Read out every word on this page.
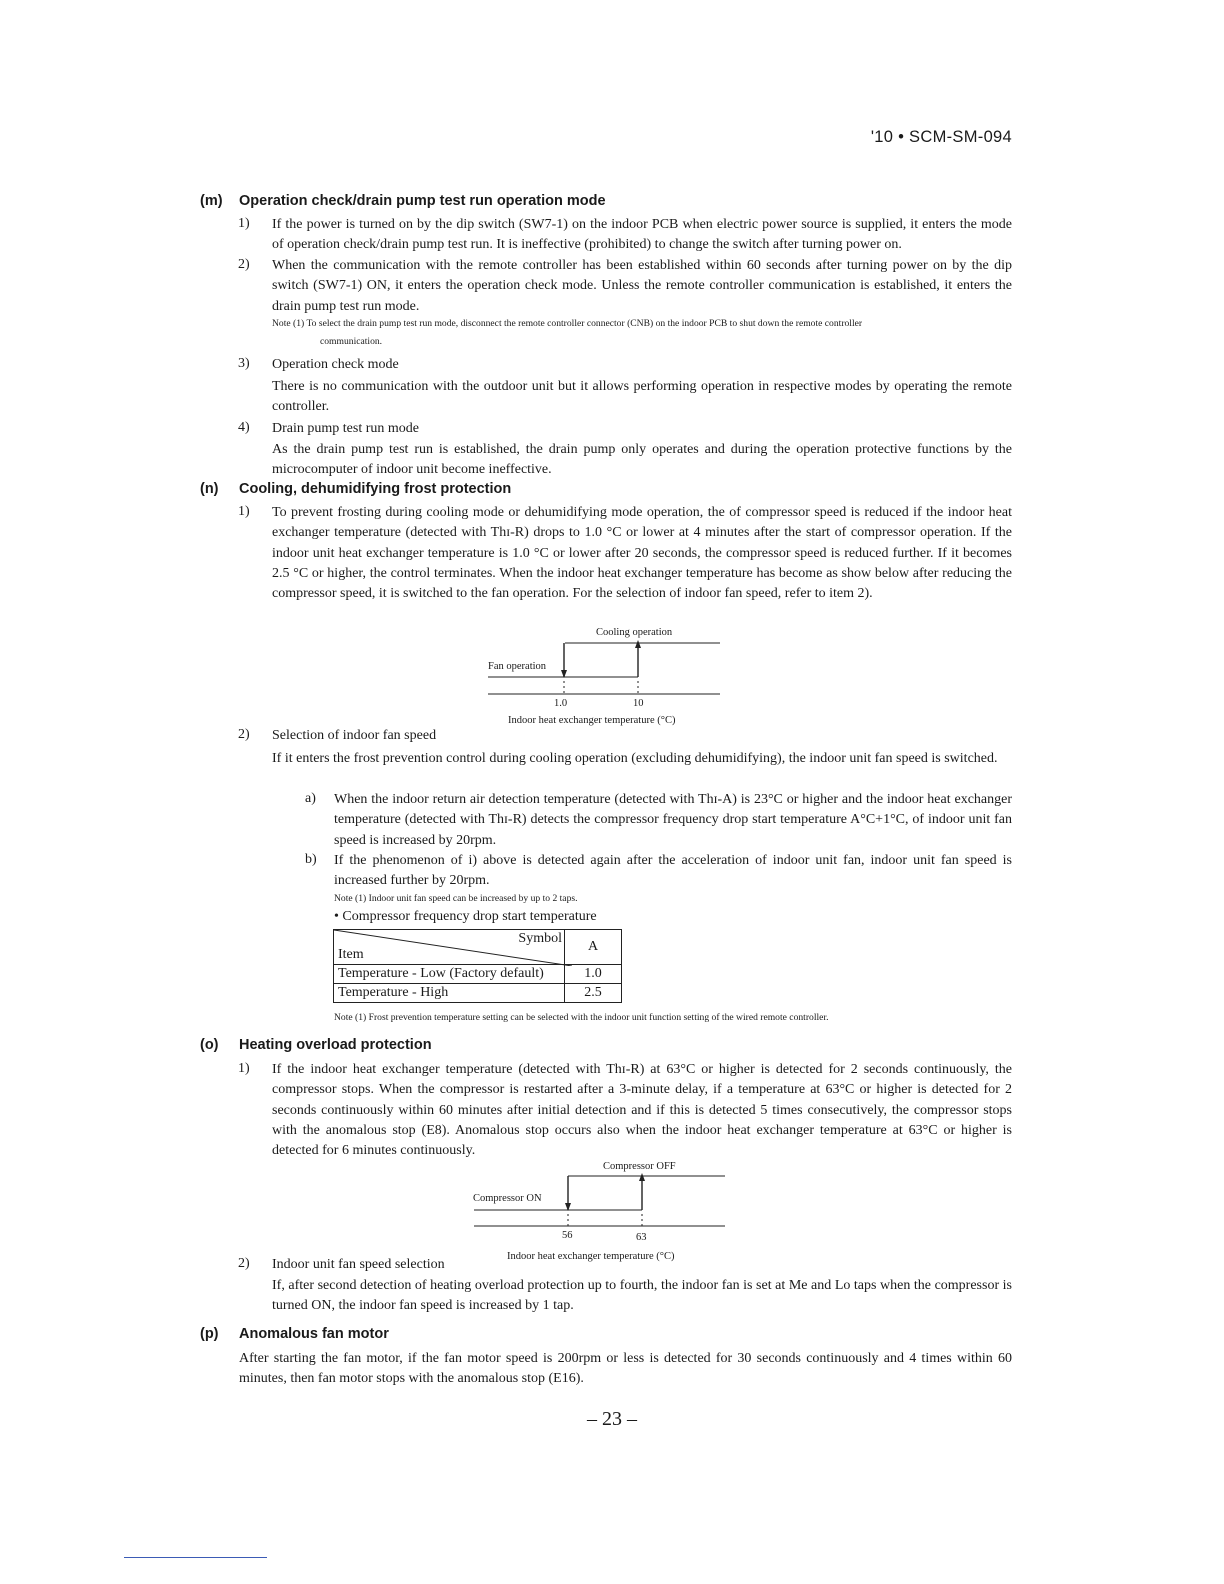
'10 • SCM-SM-094
(m) Operation check/drain pump test run operation mode
1) If the power is turned on by the dip switch (SW7-1) on the indoor PCB when electric power source is supplied, it enters the mode of operation check/drain pump test run. It is ineffective (prohibited) to change the switch after turning power on.
2) When the communication with the remote controller has been established within 60 seconds after turning power on by the dip switch (SW7-1) ON, it enters the operation check mode. Unless the remote controller communication is established, it enters the drain pump test run mode.
Note (1) To select the drain pump test run mode, disconnect the remote controller connector (CNB) on the indoor PCB to shut down the remote controller
communication.
3) Operation check mode
There is no communication with the outdoor unit but it allows performing operation in respective modes by operating the remote controller.
4) Drain pump test run mode
As the drain pump test run is established, the drain pump only operates and during the operation protective functions by the microcomputer of indoor unit become ineffective.
(n) Cooling, dehumidifying frost protection
1) To prevent frosting during cooling mode or dehumidifying mode operation, the of compressor speed is reduced if the indoor heat exchanger temperature (detected with Thɪ-R) drops to 1.0 °C or lower at 4 minutes after the start of compressor operation. If the indoor unit heat exchanger temperature is 1.0 °C or lower after 20 seconds, the compressor speed is reduced further. If it becomes 2.5 °C or higher, the control terminates. When the indoor heat exchanger temperature has become as show below after reducing the compressor speed, it is switched to the fan operation. For the selection of indoor fan speed, refer to item 2).
Cooling operation
Fan operation
1.0	10
Indoor heat exchanger temperature (°C)
2) Selection of indoor fan speed
If it enters the frost prevention control during cooling operation (excluding dehumidifying), the indoor unit fan speed is switched.
a) When the indoor return air detection temperature (detected with Thɪ-A) is 23°C or higher and the indoor heat exchanger temperature (detected with Thɪ-R) detects the compressor frequency drop start temperature A°C+1°C, of indoor unit fan speed is increased by 20rpm.
b) If the phenomenon of i) above is detected again after the acceleration of indoor unit fan, indoor unit fan speed is increased further by 20rpm.
Note (1) Indoor unit fan speed can be increased by up to 2 taps.
• Compressor frequency drop start temperature
Symbol
Item	A
Temperature - Low (Factory default)	1.0
Temperature - High	2.5
Note (1) Frost prevention temperature setting can be selected with the indoor unit function setting of the wired remote controller.
(o) Heating overload protection
1) If the indoor heat exchanger temperature (detected with Thɪ-R) at 63°C or higher is detected for 2 seconds continuously, the compressor stops. When the compressor is restarted after a 3-minute delay, if a temperature at 63°C or higher is detected for 2 seconds continuously within 60 minutes after initial detection and if this is detected 5 times consecutively, the compressor stops with the anomalous stop (E8). Anomalous stop occurs also when the indoor heat exchanger temperature at 63°C or higher is detected for 6 minutes continuously.
Compressor OFF
Compressor ON
56	63
Indoor heat exchanger temperature (°C)
2) Indoor unit fan speed selection
If, after second detection of heating overload protection up to fourth, the indoor fan is set at Me and Lo taps when the compressor is turned ON, the indoor fan speed is increased by 1 tap.
(p) Anomalous fan motor
After starting the fan motor, if the fan motor speed is 200rpm or less is detected for 30 seconds continuously and 4 times within 60 minutes, then fan motor stops with the anomalous stop (E16).
– 23 –
